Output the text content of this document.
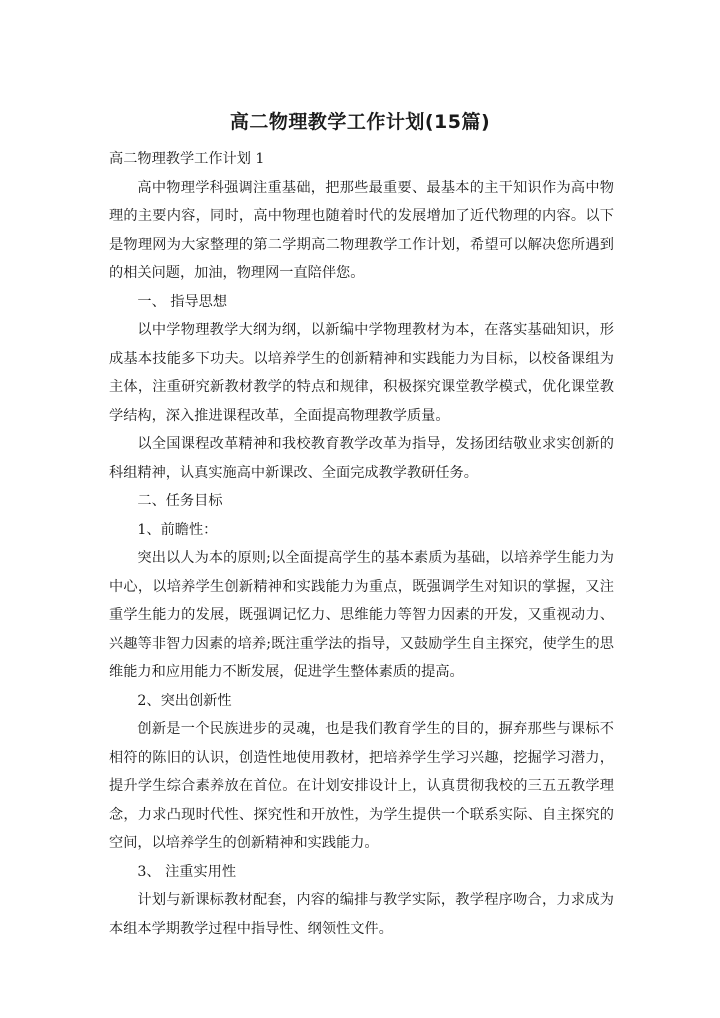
高二物理教学工作计划(15篇)

高二物理教学工作计划 1

高中物理学科强调注重基础，把那些最重要、最基本的主干知识作为高中物理的主要内容，同时，高中物理也随着时代的发展增加了近代物理的内容。以下是物理网为大家整理的第二学期高二物理教学工作计划，希望可以解决您所遇到的相关问题，加油，物理网一直陪伴您。

一、 指导思想

以中学物理教学大纲为纲，以新编中学物理教材为本，在落实基础知识，形成基本技能多下功夫。以培养学生的创新精神和实践能力为目标，以校备课组为主体，注重研究新教材教学的特点和规律，积极探究课堂教学模式，优化课堂教学结构，深入推进课程改革，全面提高物理教学质量。

以全国课程改革精神和我校教育教学改革为指导，发扬团结敬业求实创新的科组精神，认真实施高中新课改、全面完成教学教研任务。

二、任务目标

1、前瞻性：

突出以人为本的原则;以全面提高学生的基本素质为基础，以培养学生能力为中心，以培养学生创新精神和实践能力为重点，既强调学生对知识的掌握，又注重学生能力的发展，既强调记忆力、思维能力等智力因素的开发，又重视动力、兴趣等非智力因素的培养;既注重学法的指导，又鼓励学生自主探究，使学生的思维能力和应用能力不断发展，促进学生整体素质的提高。

2、突出创新性

创新是一个民族进步的灵魂，也是我们教育学生的目的，摒弃那些与课标不相符的陈旧的认识，创造性地使用教材，把培养学生学习兴趣，挖掘学习潜力，提升学生综合素养放在首位。在计划安排设计上，认真贯彻我校的三五五教学理念，力求凸现时代性、探究性和开放性，为学生提供一个联系实际、自主探究的空间，以培养学生的创新精神和实践能力。

3、 注重实用性

计划与新课标教材配套，内容的编排与教学实际，教学程序吻合，力求成为本组本学期教学过程中指导性、纲领性文件。
